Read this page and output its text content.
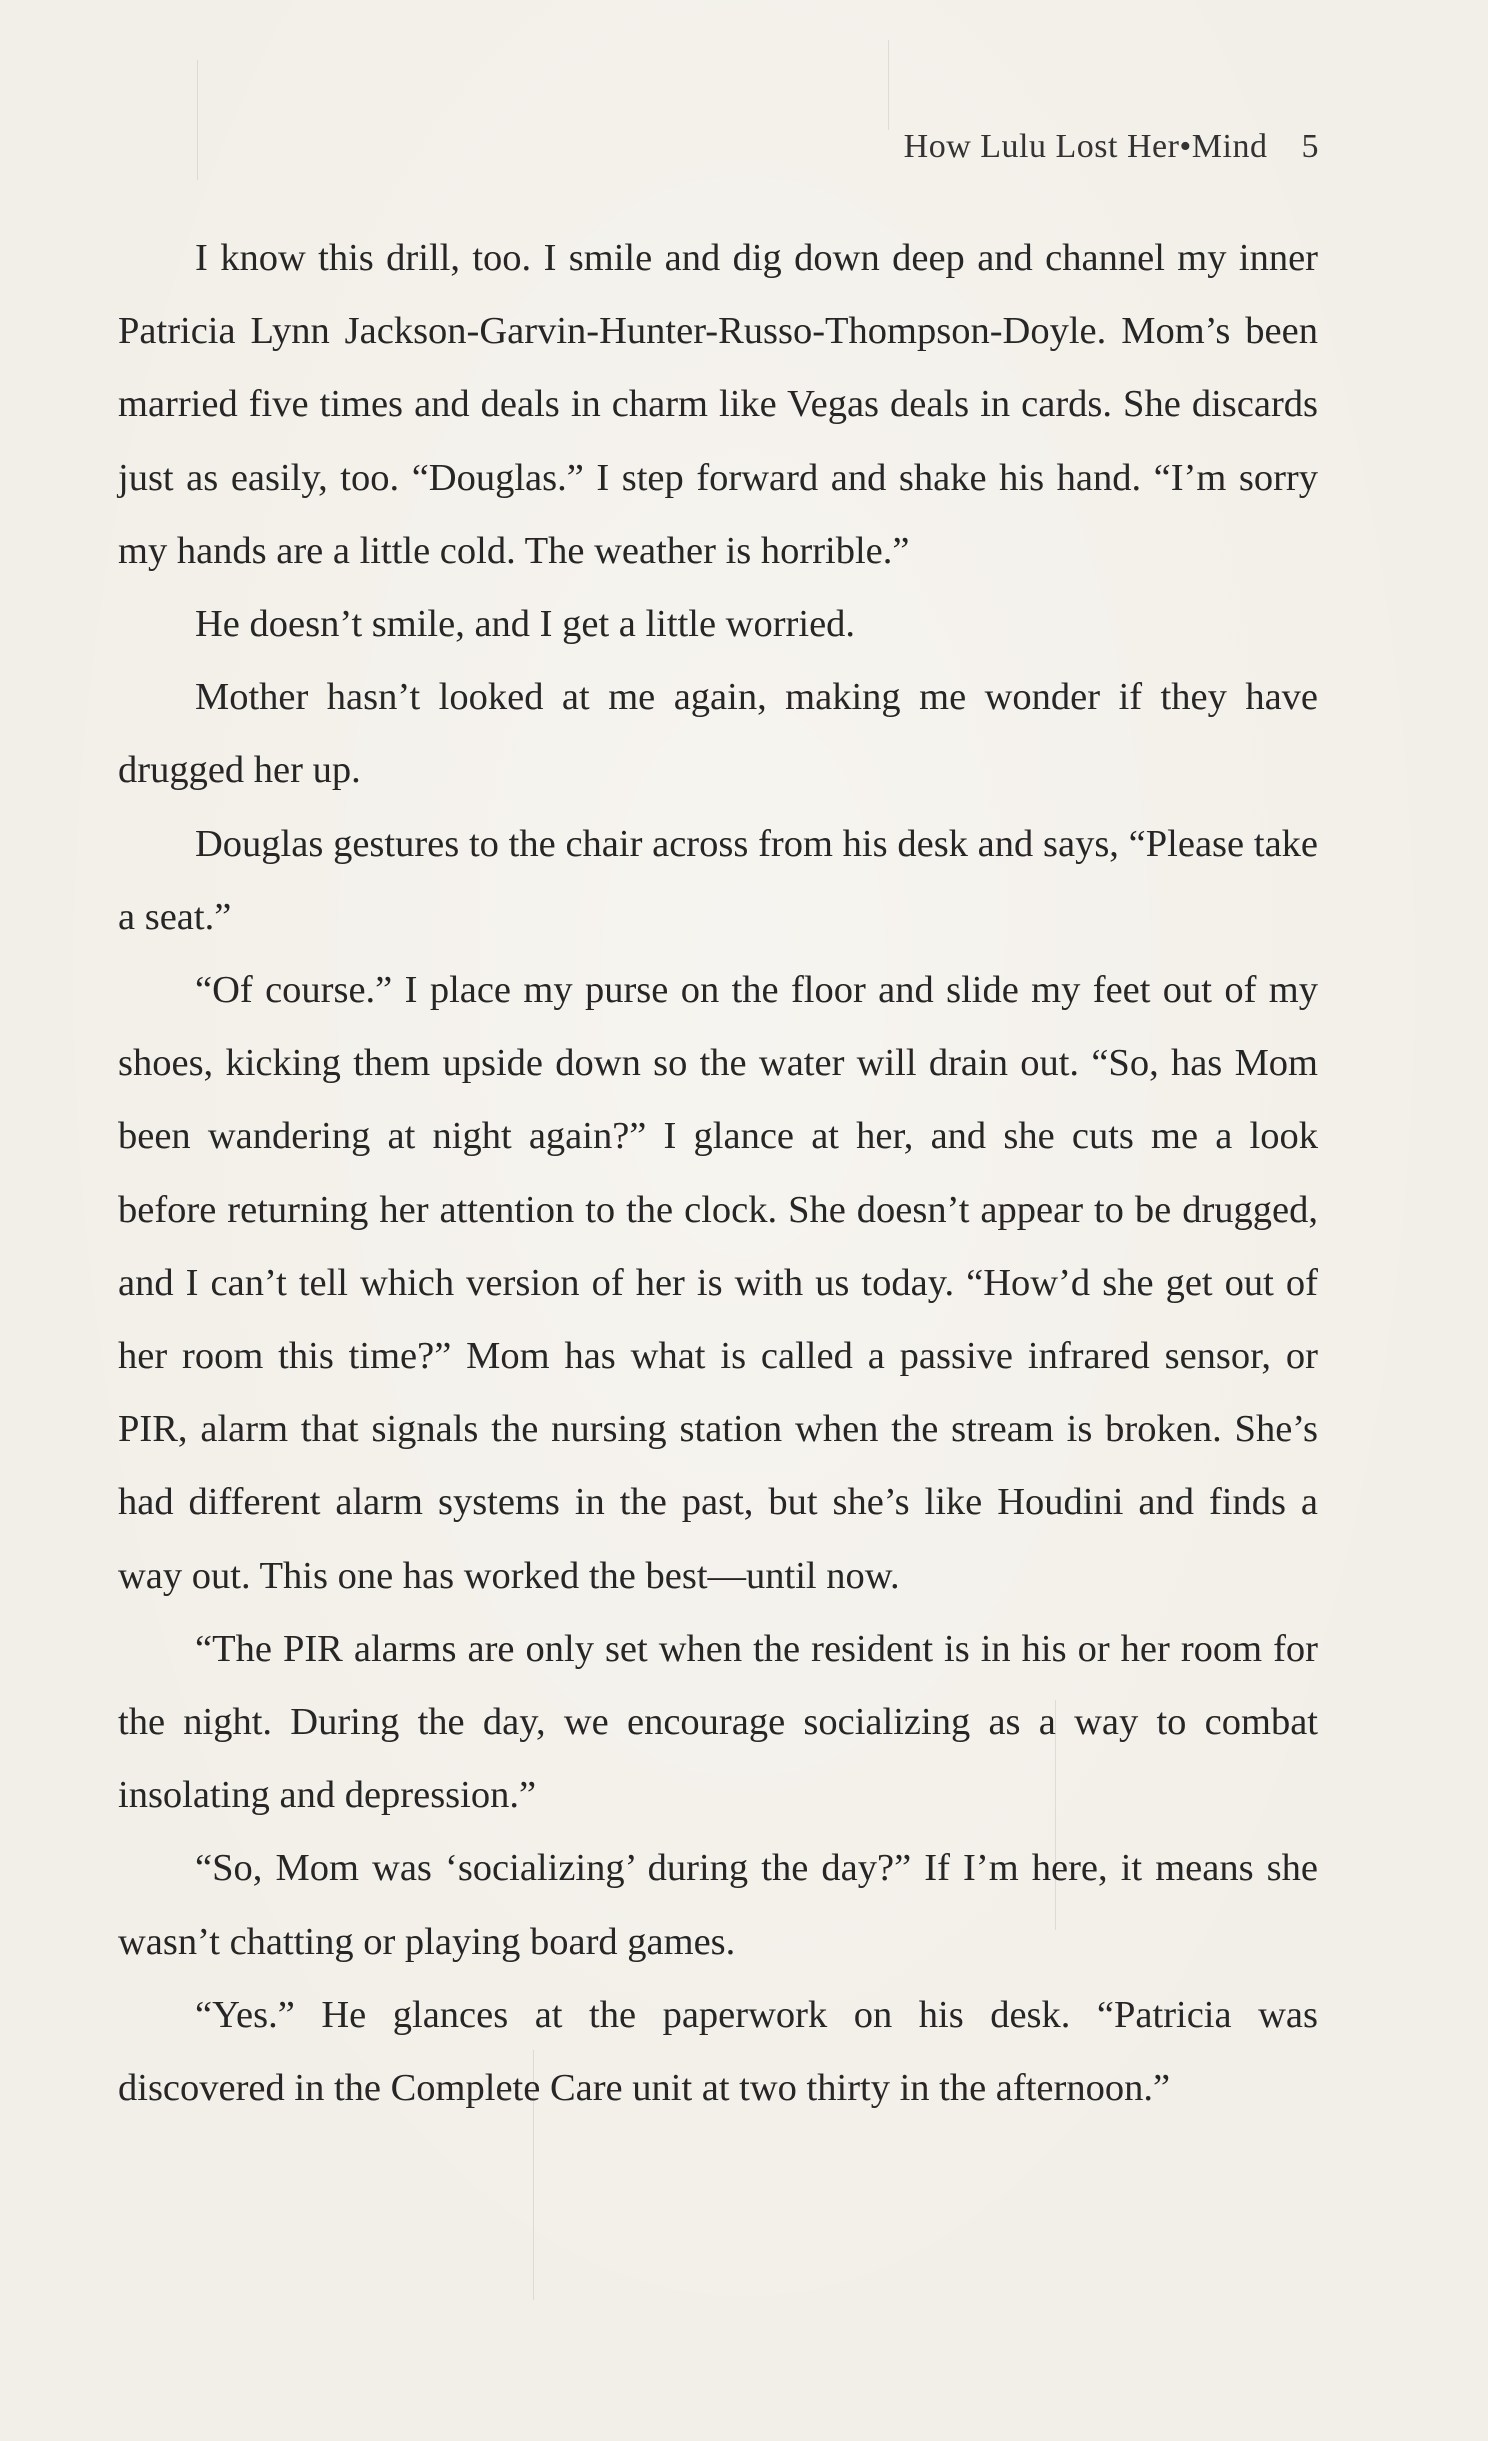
How Lulu Lost Her•Mind 5

I know this drill, too. I smile and dig down deep and channel my inner Patricia Lynn Jackson-Garvin-Hunter-Russo-Thompson-Doyle. Mom’s been married five times and deals in charm like Vegas deals in cards. She discards just as easily, too. “Douglas.” I step forward and shake his hand. “I’m sorry my hands are a little cold. The weather is horrible.”

He doesn’t smile, and I get a little worried.

Mother hasn’t looked at me again, making me wonder if they have drugged her up.

Douglas gestures to the chair across from his desk and says, “Please take a seat.”

“Of course.” I place my purse on the floor and slide my feet out of my shoes, kicking them upside down so the water will drain out. “So, has Mom been wandering at night again?” I glance at her, and she cuts me a look before returning her attention to the clock. She doesn’t appear to be drugged, and I can’t tell which version of her is with us today. “How’d she get out of her room this time?” Mom has what is called a passive infrared sensor, or PIR, alarm that signals the nursing station when the stream is broken. She’s had different alarm systems in the past, but she’s like Houdini and finds a way out. This one has worked the best—until now.

“The PIR alarms are only set when the resident is in his or her room for the night. During the day, we encourage socializing as a way to combat insolating and depression.”

“So, Mom was ‘socializing’ during the day?” If I’m here, it means she wasn’t chatting or playing board games.

“Yes.” He glances at the paperwork on his desk. “Patricia was discovered in the Complete Care unit at two thirty in the afternoon.”
